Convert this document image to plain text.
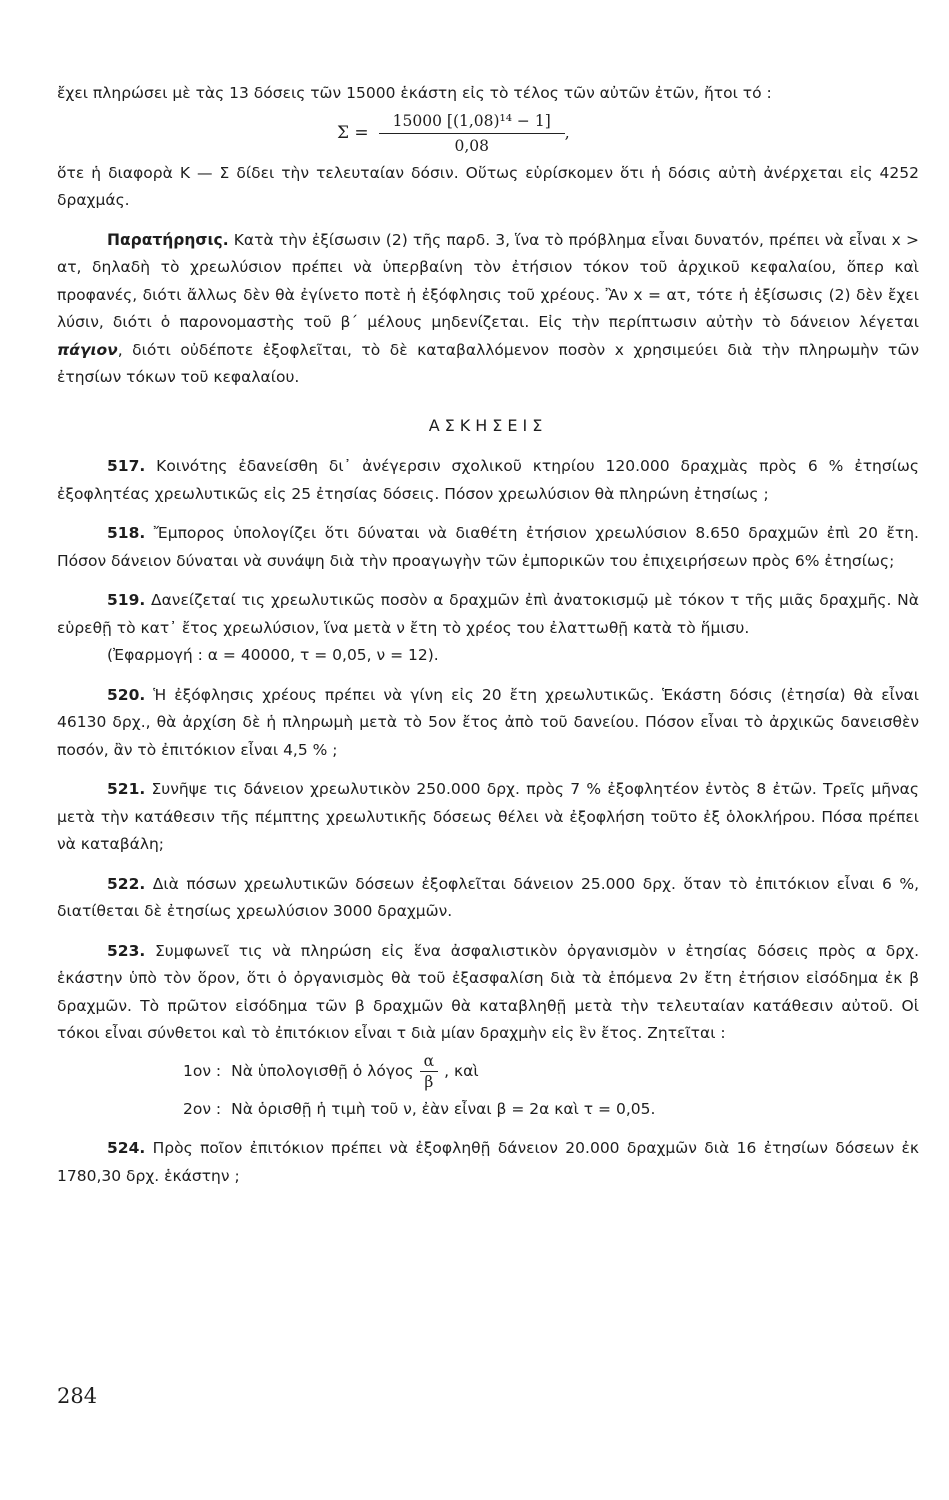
ἔχει πληρώσει μὲ τὰς 13 δόσεις τῶν 15000 ἑκάστη εἰς τὸ τέλος τῶν αὐτῶν ἐτῶν, ἤτοι τό :

$\Sigma = \frac{\text{15000 [(1,08)¹⁴ − 1]}}{0,08}$ ,

ὅτε ἡ διαφορὰ Κ — Σ δίδει τὴν τελευταίαν δόσιν. Οὕτως εὑρίσκομεν ὅτι ἡ δόσις αὐτὴ ἀνέρχεται εἰς 4252 δραχμάς.

Παρατήρησις. Κατὰ τὴν ἐξίσωσιν (2) τῆς παρδ. 3, ἵνα τὸ πρόβλημα εἶναι δυνατόν, πρέπει νὰ εἶναι x > ατ, δηλαδὴ τὸ χρεωλύσιον πρέπει νὰ ὑπερβαίνη τὸν ἐτήσιον τόκον τοῦ ἀρχικοῦ κεφαλαίου, ὅπερ καὶ προφανές, διότι ἄλλως δὲν θὰ ἐγίνετο ποτὲ ἡ ἐξόφλησις τοῦ χρέους. Ἂν x = ατ, τότε ἡ ἐξίσωσις (2) δὲν ἔχει λύσιν, διότι ὁ παρονομαστὴς τοῦ β΄ μέλους μηδενίζεται. Εἰς τὴν περίπτωσιν αὐτὴν τὸ δάνειον λέγεται πάγιον, διότι οὐδέποτε ἐξοφλεῖται, τὸ δὲ καταβαλλόμενον ποσὸν x χρησιμεύει διὰ τὴν πληρωμὴν τῶν ἐτησίων τόκων τοῦ κεφαλαίου.

ΑΣΚΗΣΕΙΣ

517. Κοινότης ἐδανείσθη δι᾽ ἀνέγερσιν σχολικοῦ κτηρίου 120.000 δραχμὰς πρὸς 6 % ἐτησίως ἐξοφλητέας χρεωλυτικῶς εἰς 25 ἐτησίας δόσεις. Πόσον χρεωλύσιον θὰ πληρώνη ἐτησίως ;

518. Ἔμπορος ὑπολογίζει ὅτι δύναται νὰ διαθέτη ἐτήσιον χρεωλύσιον 8.650 δραχμῶν ἐπὶ 20 ἔτη. Πόσον δάνειον δύναται νὰ συνάψη διὰ τὴν προαγωγὴν τῶν ἐμπορικῶν του ἐπιχειρήσεων πρὸς 6% ἐτησίως;

519. Δανείζεταί τις χρεωλυτικῶς ποσὸν α δραχμῶν ἐπὶ ἀνατοκισμῷ μὲ τόκον τ τῆς μιᾶς δραχμῆς. Νὰ εὑρεθῇ τὸ κατ᾽ ἔτος χρεωλύσιον, ἵνα μετὰ ν ἔτη τὸ χρέος του ἐλαττωθῇ κατὰ τὸ ἥμισυ.

(Ἐφαρμογή : α = 40000, τ = 0,05, ν = 12).

520. Ἡ ἐξόφλησις χρέους πρέπει νὰ γίνη εἰς 20 ἔτη χρεωλυτικῶς. Ἑκάστη δόσις (ἐτησία) θὰ εἶναι 46130 δρχ., θὰ ἀρχίση δὲ ἡ πληρωμὴ μετὰ τὸ 5ον ἔτος ἀπὸ τοῦ δανείου. Πόσον εἶναι τὸ ἀρχικῶς δανεισθὲν ποσόν, ἂν τὸ ἐπιτόκιον εἶναι 4,5 % ;

521. Συνῆψε τις δάνειον χρεωλυτικὸν 250.000 δρχ. πρὸς 7 % ἐξοφλητέον ἐντὸς 8 ἐτῶν. Τρεῖς μῆνας μετὰ τὴν κατάθεσιν τῆς πέμπτης χρεωλυτικῆς δόσεως θέλει νὰ ἐξοφλήση τοῦτο ἐξ ὁλοκλήρου. Πόσα πρέπει νὰ καταβάλη;

522. Διὰ πόσων χρεωλυτικῶν δόσεων ἐξοφλεῖται δάνειον 25.000 δρχ. ὅταν τὸ ἐπιτόκιον εἶναι 6 %, διατίθεται δὲ ἐτησίως χρεωλύσιον 3000 δραχμῶν.

523. Συμφωνεῖ τις νὰ πληρώση εἰς ἕνα ἀσφαλιστικὸν ὀργανισμὸν ν ἐτησίας δόσεις πρὸς α δρχ. ἑκάστην ὑπὸ τὸν ὅρον, ὅτι ὁ ὀργανισμὸς θὰ τοῦ ἐξασφαλίση διὰ τὰ ἑπόμενα 2ν ἔτη ἐτήσιον εἰσόδημα ἐκ β δραχμῶν. Τὸ πρῶτον εἰσόδημα τῶν β δραχμῶν θὰ καταβληθῇ μετὰ τὴν τελευταίαν κατάθεσιν αὐτοῦ. Οἱ τόκοι εἶναι σύνθετοι καὶ τὸ ἐπιτόκιον εἶναι τ διὰ μίαν δραχμὴν εἰς ἓν ἔτος. Ζητεῖται :

1ον : Νὰ ὑπολογισθῇ ὁ λόγος $\frac{\alpha}{\beta}$ , καὶ
2ον : Νὰ ὁρισθῇ ἡ τιμὴ τοῦ ν, ἐὰν εἶναι β = 2α καὶ τ = 0,05.

524. Πρὸς ποῖον ἐπιτόκιον πρέπει νὰ ἐξοφληθῇ δάνειον 20.000 δραχμῶν διὰ 16 ἐτησίων δόσεων ἐκ 1780,30 δρχ. ἑκάστην ;

284
